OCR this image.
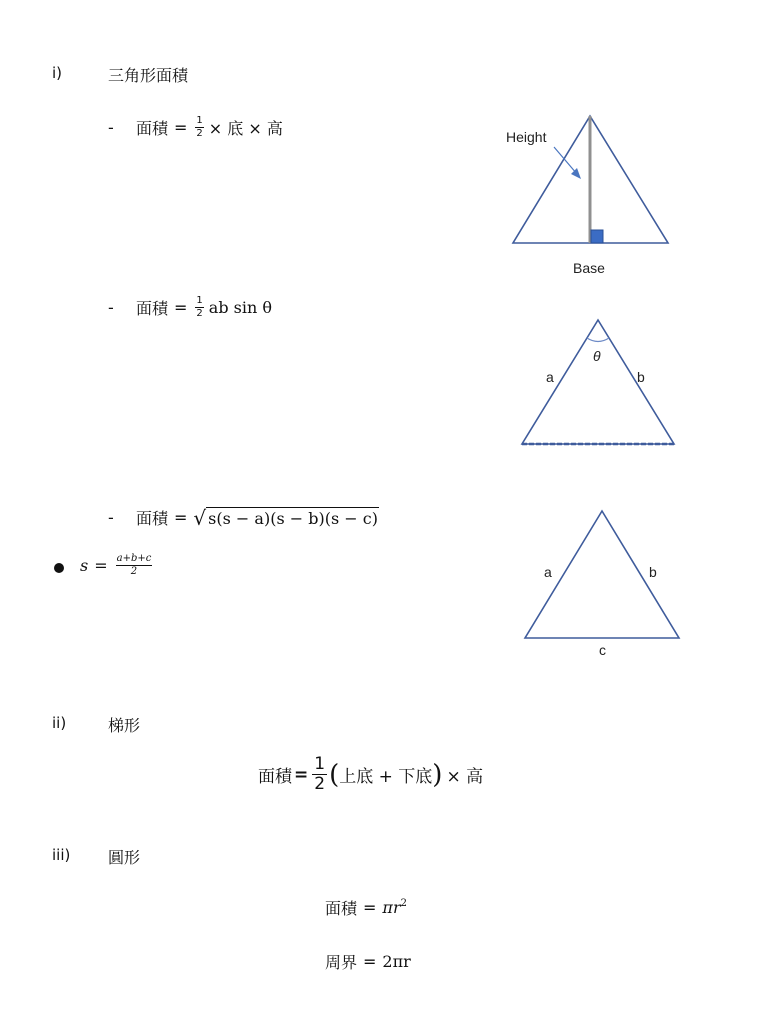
i)	三角形面積
-	面積 = $\frac{1}{2}$ × 底 × 高	Height
Base
-	面積 = $\frac{1}{2}$ ab sin θ
θ
a	b
-	面積 = √ s(s − a)(s − b)(s − c)
$s = \frac{a+b+c}{2}$	a	b
c
ii)	梯形
面積 = $\frac{1}{2}$ ( 上底 + 下底 ) × 高
iii) 圓形
面積 = $\pi r^2$
周界 = 2πr
